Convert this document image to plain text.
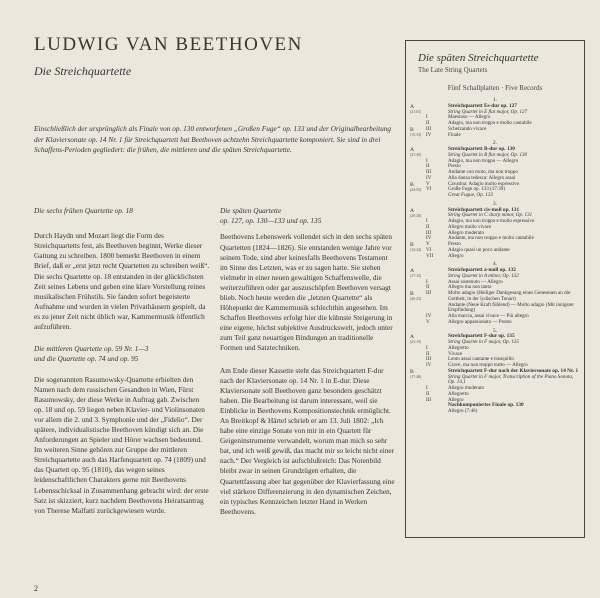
LUDWIG VAN BEETHOVEN
Die Streichquartette
Einschließlich der ursprünglich als Finale von op. 130 entworfenen „Großen Fuge“ op. 133 und der Originalbearbeitung der Klaviersonate op. 14 Nr. 1 für Streichquartett hat Beethoven achtzehn Streichquartette komponiert. Sie sind in drei Schaffens-Perioden gegliedert: die frühen, die mittleren und die späten Streichquartette.
Die sechs frühen Quartette op. 18

Durch Haydn und Mozart liegt die Form des Streichquartetts fest, als Beethoven beginnt, Werke dieser Gattung zu schreiben. 1800 bemerkt Beethoven in einem Brief, daß er „erst jetzt recht Quartetten zu schreiben weiß“.

Die sechs Quartette op. 18 entstanden in der glücklichsten Zeit seines Lebens und geben eine klare Vorstellung reines musikalischen Frühstils. Sie fanden sofort begeisterte Aufnahme und wurden in vielen Privathäusern gespielt, da es zu jener Zeit nicht üblich war, Kammermusik öffentlich aufzuführen.

Die mittleren Quartette op. 59 Nr. 1—3
und die Quartette op. 74 und op. 95

Die sogenannten Rasumowsky-Quartette erhielten den Namen nach dem russischen Gesandten in Wien, Fürst Rasumowsky, der diese Werke in Auftrag gab. Zwischen op. 18 und op. 59 liegen neben Klavier- und Violinsonaten vor allem die 2. und 3. Symphonie und der „Fidelio“. Der spätere, individualistische Beethoven kündigt sich an. Die Anforderungen an Spieler und Hörer wachsen bedeutend. Im weiteren Sinne gehören zur Gruppe der mittleren Streichquartette auch das Harfenquartett op. 74 (1809) und das Quartett op. 95 (1810), das wegen seines leidenschaftlichen Charakters gerne mit Beethovens Lebensschicksal in Zusammenhang gebracht wird: der erste Satz ist skizziert, kurz nachdem Beethovens Heiratsantrag von Therese Malfatti zurückgewiesen wurde.

Die späten Quartette
op. 127, op. 130—133 und op. 135

Beethovens Lebenswerk vollendet sich in den sechs späten Quartetten (1824—1826). Sie entstanden wenige Jahre vor seinem Tode, sind aber keinesfalls Beethovens Testament im Sinne des Letzten, was er zu sagen hatte. Sie stehen vielmehr in einer neuen gewaltigen Schaffenswelle, die weiterzuführen oder gar auszuschöpfen Beethoven versagt blieb. Noch heute werden die „letzten Quartette“ als Höhepunkt der Kammermusik schlechthin angesehen. Im Schaffen Beethovens erfolgt hier die kühnste Steigerung in eine eigene, höchst subjektive Ausdruckswelt, jedoch unter zum Teil ganz neuartigen Bindungen an traditionelle Formen und Satztechniken.

Am Ende dieser Kassette steht das Streichquartett F-dur nach der Klaviersonate op. 14 Nr. 1 in E-dur. Diese Klaviersonate soll Beethoven ganz besonders geschätzt haben. Die Bearbeitung ist darum interessant, weil sie Einblicke in Beethovens Kompositionstechnik ermöglicht. An Breitkopf & Härtel schrieb er am 13. Juli 1802: „Ich habe eine einzige Sonate von mir in ein Quartett für Geigeninstrumente verwandelt, worum man mich so sehr bat, und ich weiß gewiß, das macht mir so leicht nicht einer nach.“ Der Vergleich ist aufschlußreich: Das Notenbild bleibt zwar in seinen Grundzügen erhalten, die Quartettfassung aber hat gegenüber der Klavierfassung eine viel stärkere Differenzierung in den dynamischen Zeichen, ein typisches Kennzeichen letzter Hand in Werken Beethovens.

2
Die späten Streichquartette
The Late String Quartets
Fünf Schallplatten · Five Records
1.
A
(21:01)
Streichquartett Es-dur op. 127
String Quartet in E flat major, Op. 127
I	Maestoso — Allegro
II	Adagio, ma non troppo e molto cantabile
B
(15:33)
III	Scherzando vivace
IV	Finale
2.
A
(21:40)
Streichquartett B-dur op. 130
String Quartet in B flat major, Op. 130
I	Adagio, ma non troppo — Allegro
II	Presto
III	Andante con moto, ma non troppo
IV	Alla danza tedesca: Allegro assai
B
(24:55)
V	Cavatina: Adagio molto espressivo
VI	Große Fuge op. 133 (17:39)
Great Fugue, Op. 133
3.
A
(20:30)
Streichquartett cis-moll op. 131
String Quartet in C sharp minor, Op. 131
I	Adagio, ma non troppo e molto espressivo
II	Allegro molto vivace
III	Allegro moderato
IV	Andante, ma non troppo e molto cantabile
B
(14:24)
V	Presto
VI	Adagio quasi un poco andante
VII	Allegro
4.
A
(17:15)
Streichquartett a-moll op. 132
String Quartet in A minor, Op. 132
I	Assai sostenuto — Allegro
II	Allegro ma non tanto
B
(26:23)
III	Molto adagio (Heiliger Dankgesang eines Genesenen an die Gottheit, in der lydischen Tonart)
Andante (Neue Kraft fühlend) — Molto adagio (Mit innigster Empfindung)
IV	Alla marcia, assai vivace — Più allegro
V	Allegro appassionato — Presto
5.
A
(23:15)
Streichquartett F-dur op. 135
String Quartet in F major, Op. 135
I	Allegretto
II	Vivace
III	Lento assai cantante e tranquillo
IV	Grave, ma non troppo tratto — Allegro
B
(17:46)
Streichquartett F-dur nach der Klaviersonate op. 14 Nr. 1
String Quartet in F major, Transcription of the Piano Sonata, Op. 14,1
I	Allegro moderato
II	Allegretto
III	Allegro
Nachkomponiertes Finale op. 130
Allegro (7:46)
